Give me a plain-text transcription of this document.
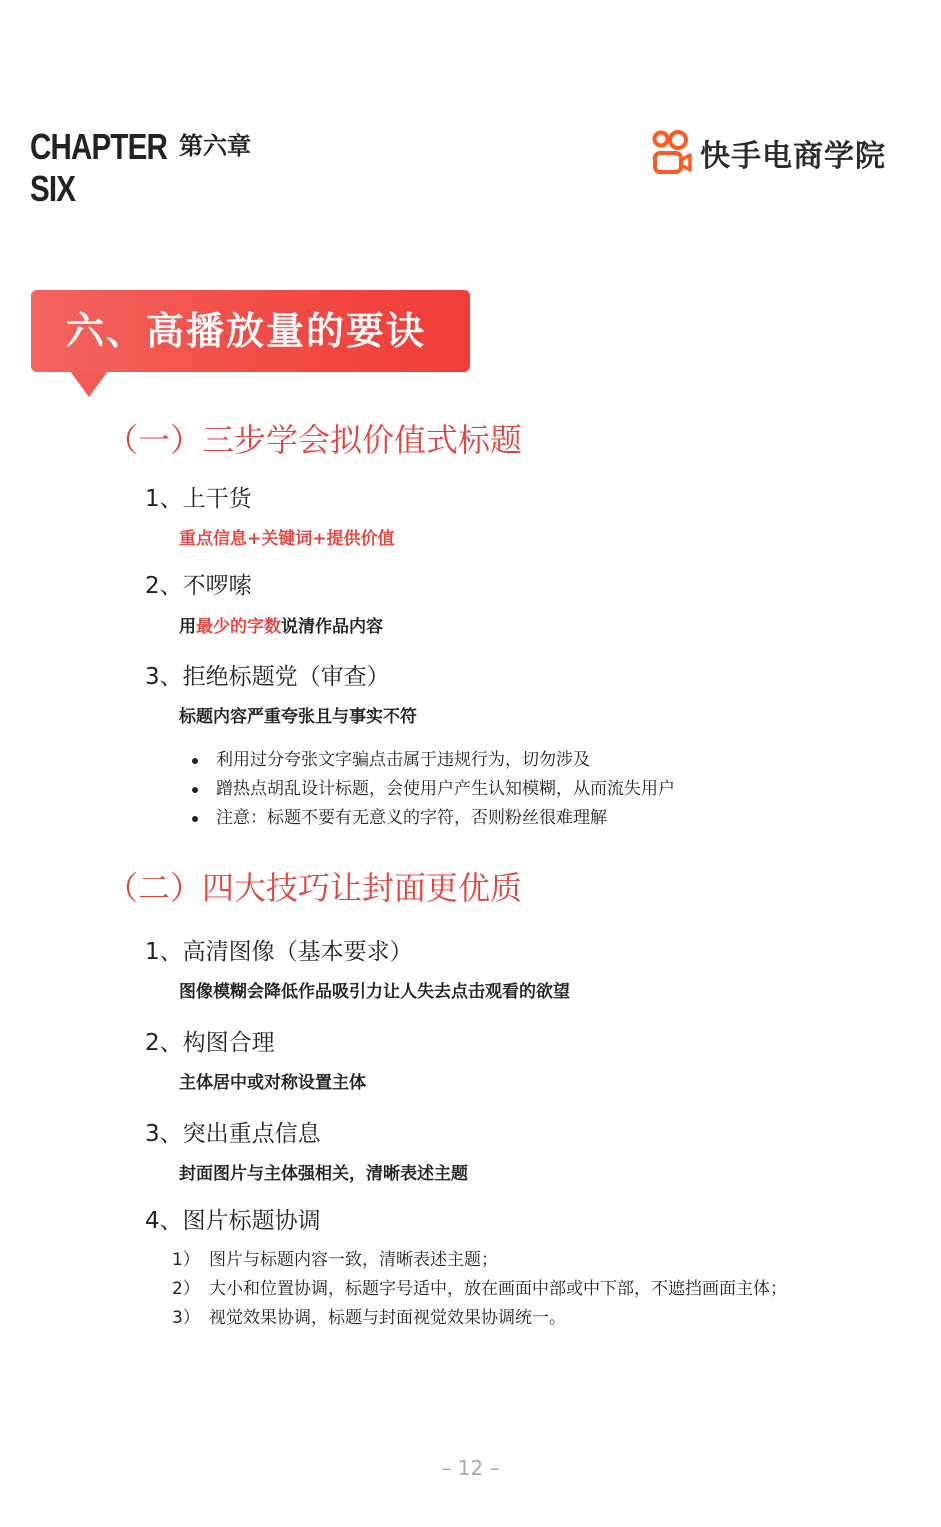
CHAPTER
SIX
第六章	快手电商学院
六、高播放量的要诀
（一）三步学会拟价值式标题
1、上干货
重点信息+关键词+提供价值
2、不啰嗦
用最少的字数说清作品内容
3、拒绝标题党（审查）
标题内容严重夸张且与事实不符
利用过分夸张文字骗点击属于违规行为，切勿涉及
蹭热点胡乱设计标题，会使用户产生认知模糊，从而流失用户
注意：标题不要有无意义的字符，否则粉丝很难理解
（二）四大技巧让封面更优质
1、高清图像（基本要求）
图像模糊会降低作品吸引力让人失去点击观看的欲望
2、构图合理
主体居中或对称设置主体
3、突出重点信息
封面图片与主体强相关，清晰表述主题
4、图片标题协调
1） 图片与标题内容一致，清晰表述主题；
2） 大小和位置协调，标题字号适中，放在画面中部或中下部，不遮挡画面主体；
3） 视觉效果协调，标题与封面视觉效果协调统一。
– 12 –
